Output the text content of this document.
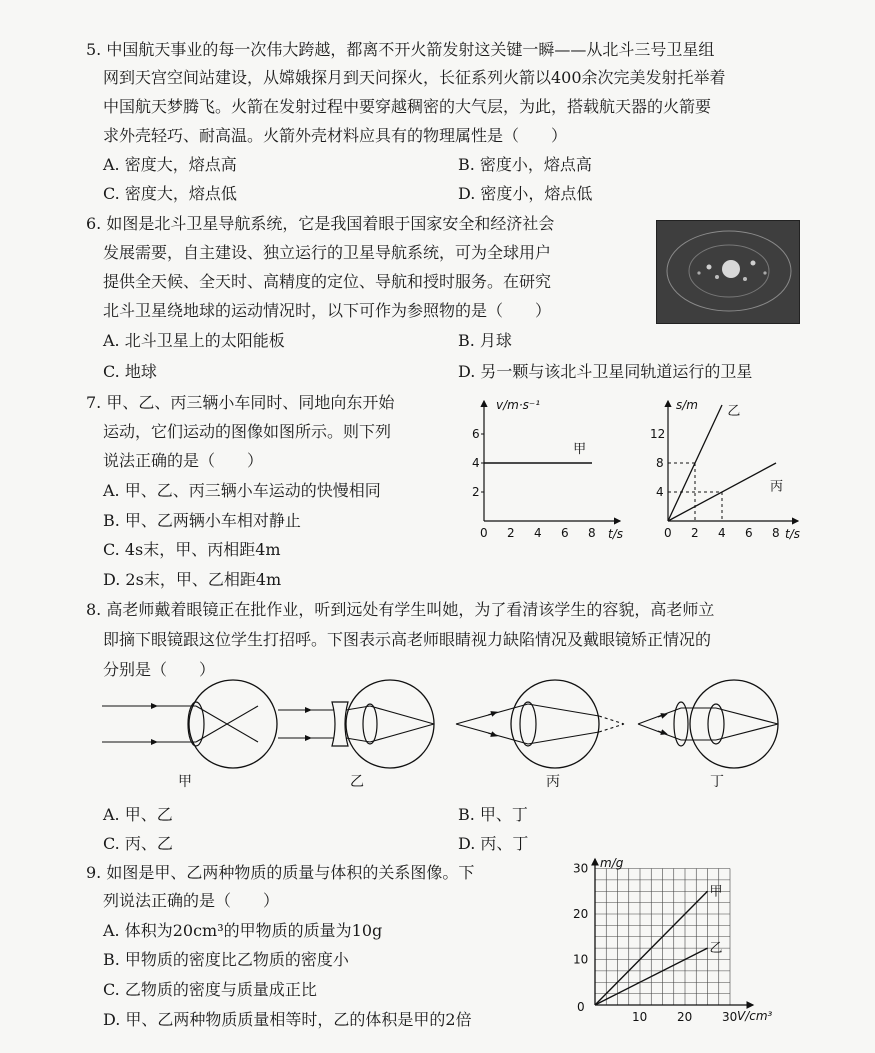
5. 中国航天事业的每一次伟大跨越，都离不开火箭发射这关键一瞬——从北斗三号卫星组
网到天宫空间站建设，从嫦娥探月到天问探火，长征系列火箭以400余次完美发射托举着
中国航天梦腾飞。火箭在发射过程中要穿越稠密的大气层，为此，搭载航天器的火箭要
求外壳轻巧、耐高温。火箭外壳材料应具有的物理属性是（　　）
A. 密度大，熔点高	B. 密度小，熔点高
C. 密度大，熔点低	D. 密度小，熔点低
6. 如图是北斗卫星导航系统，它是我国着眼于国家安全和经济社会
发展需要，自主建设、独立运行的卫星导航系统，可为全球用户
提供全天候、全天时、高精度的定位、导航和授时服务。在研究
北斗卫星绕地球的运动情况时，以下可作为参照物的是（　　）
A. 北斗卫星上的太阳能板	B. 月球
C. 地球	D. 另一颗与该北斗卫星同轨道运行的卫星
7. 甲、乙、丙三辆小车同时、同地向东开始
运动，它们运动的图像如图所示。则下列
说法正确的是（　　）
A. 甲、乙、丙三辆小车运动的快慢相同
B. 甲、乙两辆小车相对静止
C. 4s末，甲、丙相距4m
D. 2s末，甲、乙相距4m
v/m·s⁻¹
t/s
0 2 4 6 8
2
4
6
甲
s/m
t/s
0 2 4 6 8
4
8
12
乙
丙
8. 高老师戴着眼镜正在批作业，听到远处有学生叫她，为了看清该学生的容貌，高老师立
即摘下眼镜跟这位学生打招呼。下图表示高老师眼睛视力缺陷情况及戴眼镜矫正情况的
分别是（　　）
甲	乙	丙	丁
A. 甲、乙	B. 甲、丁
C. 丙、乙	D. 丙、丁
9. 如图是甲、乙两种物质的质量与体积的关系图像。下
列说法正确的是（　　）
A. 体积为20cm³的甲物质的质量为10g
B. 甲物质的密度比乙物质的密度小
C. 乙物质的密度与质量成正比
D. 甲、乙两种物质质量相等时，乙的体积是甲的2倍
m/g
V/cm³
0
10 20 30
10
20
30
甲
乙
